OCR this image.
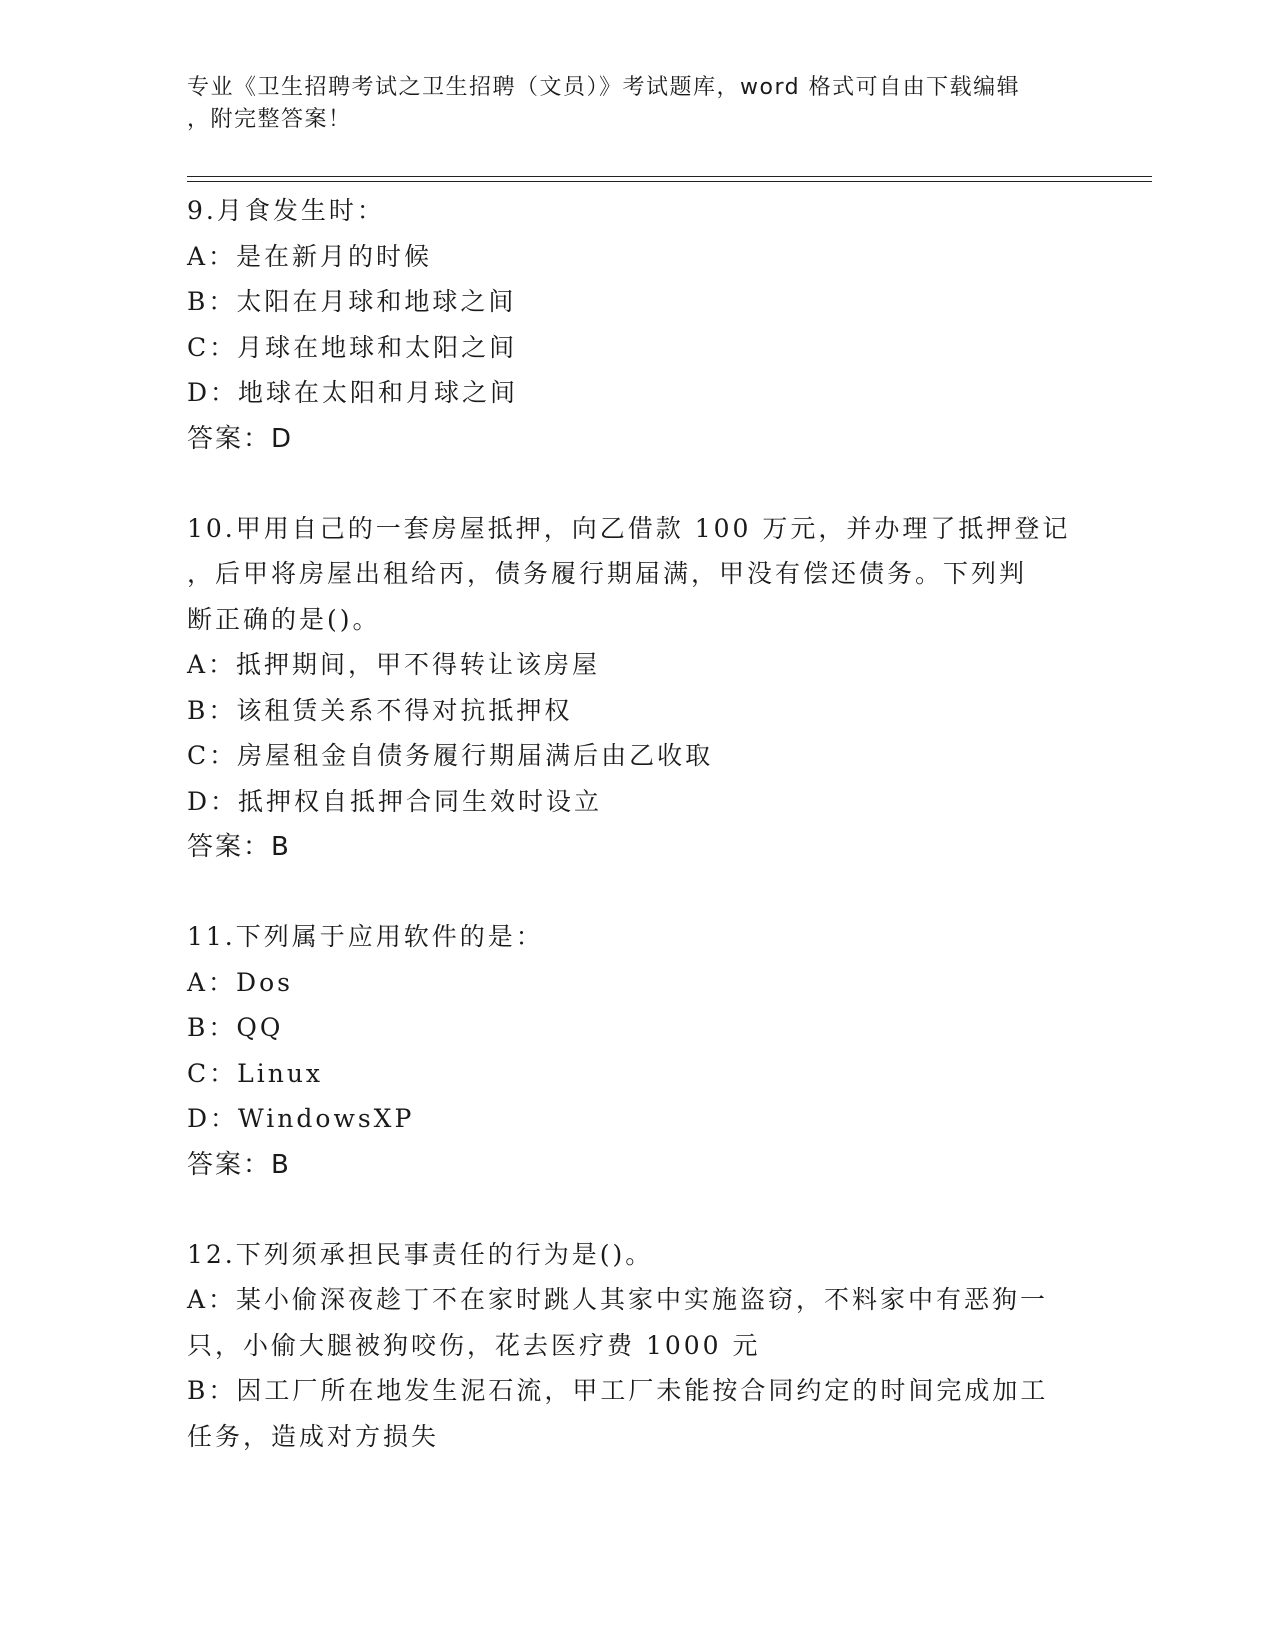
专业《卫生招聘考试之卫生招聘（文员）》考试题库，word 格式可自由下载编辑
，附完整答案！
9.月食发生时：
A：是在新月的时候
B：太阳在月球和地球之间
C：月球在地球和太阳之间
D：地球在太阳和月球之间
答案：D
10.甲用自己的一套房屋抵押，向乙借款 100 万元，并办理了抵押登记
，后甲将房屋出租给丙，债务履行期届满，甲没有偿还债务。下列判
断正确的是()。
A：抵押期间，甲不得转让该房屋
B：该租赁关系不得对抗抵押权
C：房屋租金自债务履行期届满后由乙收取
D：抵押权自抵押合同生效时设立
答案：B
11.下列属于应用软件的是：
A：Dos
B：QQ
C：Linux
D：WindowsXP
答案：B
12.下列须承担民事责任的行为是()。
A：某小偷深夜趁丁不在家时跳人其家中实施盗窃，不料家中有恶狗一
只，小偷大腿被狗咬伤，花去医疗费 1000 元
B：因工厂所在地发生泥石流，甲工厂未能按合同约定的时间完成加工
任务，造成对方损失
